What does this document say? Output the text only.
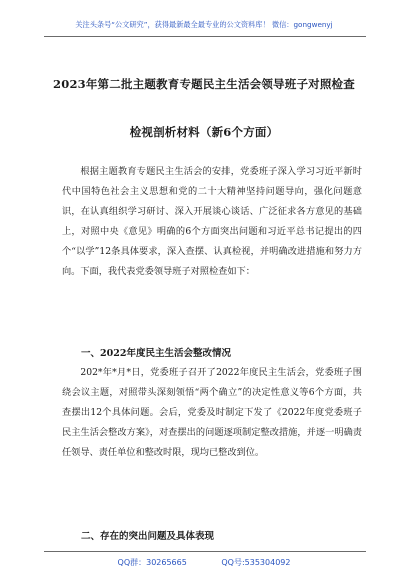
关注头条号“公文研究”，获得最新最全最专业的公文资料库！ 微信：gongwenyj
2023年第二批主题教育专题民主生活会领导班子对照检查
检视剖析材料（新6个方面）

根据主题教育专题民主生活会的安排，党委班子深入学习习近平新时代中国特色社会主义思想和党的二十大精神坚持问题导向，强化问题意识，在认真组织学习研讨、深入开展谈心谈话、广泛征求各方意见的基础上，对照中央《意见》明确的6个方面突出问题和习近平总书记提出的四个“以学”12条具体要求，深入查摆、认真检视，并明确改进措施和努力方向。下面，我代表党委领导班子对照检查如下：

一、2022年度民主生活会整改情况

202*年*月*日，党委班子召开了2022年度民主生活会，党委班子围绕会议主题，对照带头深刻领悟“两个确立”的决定性意义等6个方面，共查摆出12个具体问题。会后，党委及时制定下发了《2022年度党委班子民主生活会整改方案》，对查摆出的问题逐项制定整改措施，并逐一明确责任领导、责任单位和整改时限，现均已整改到位。

二、存在的突出问题及具体表现
QQ群：30265665	QQ号:535304092
